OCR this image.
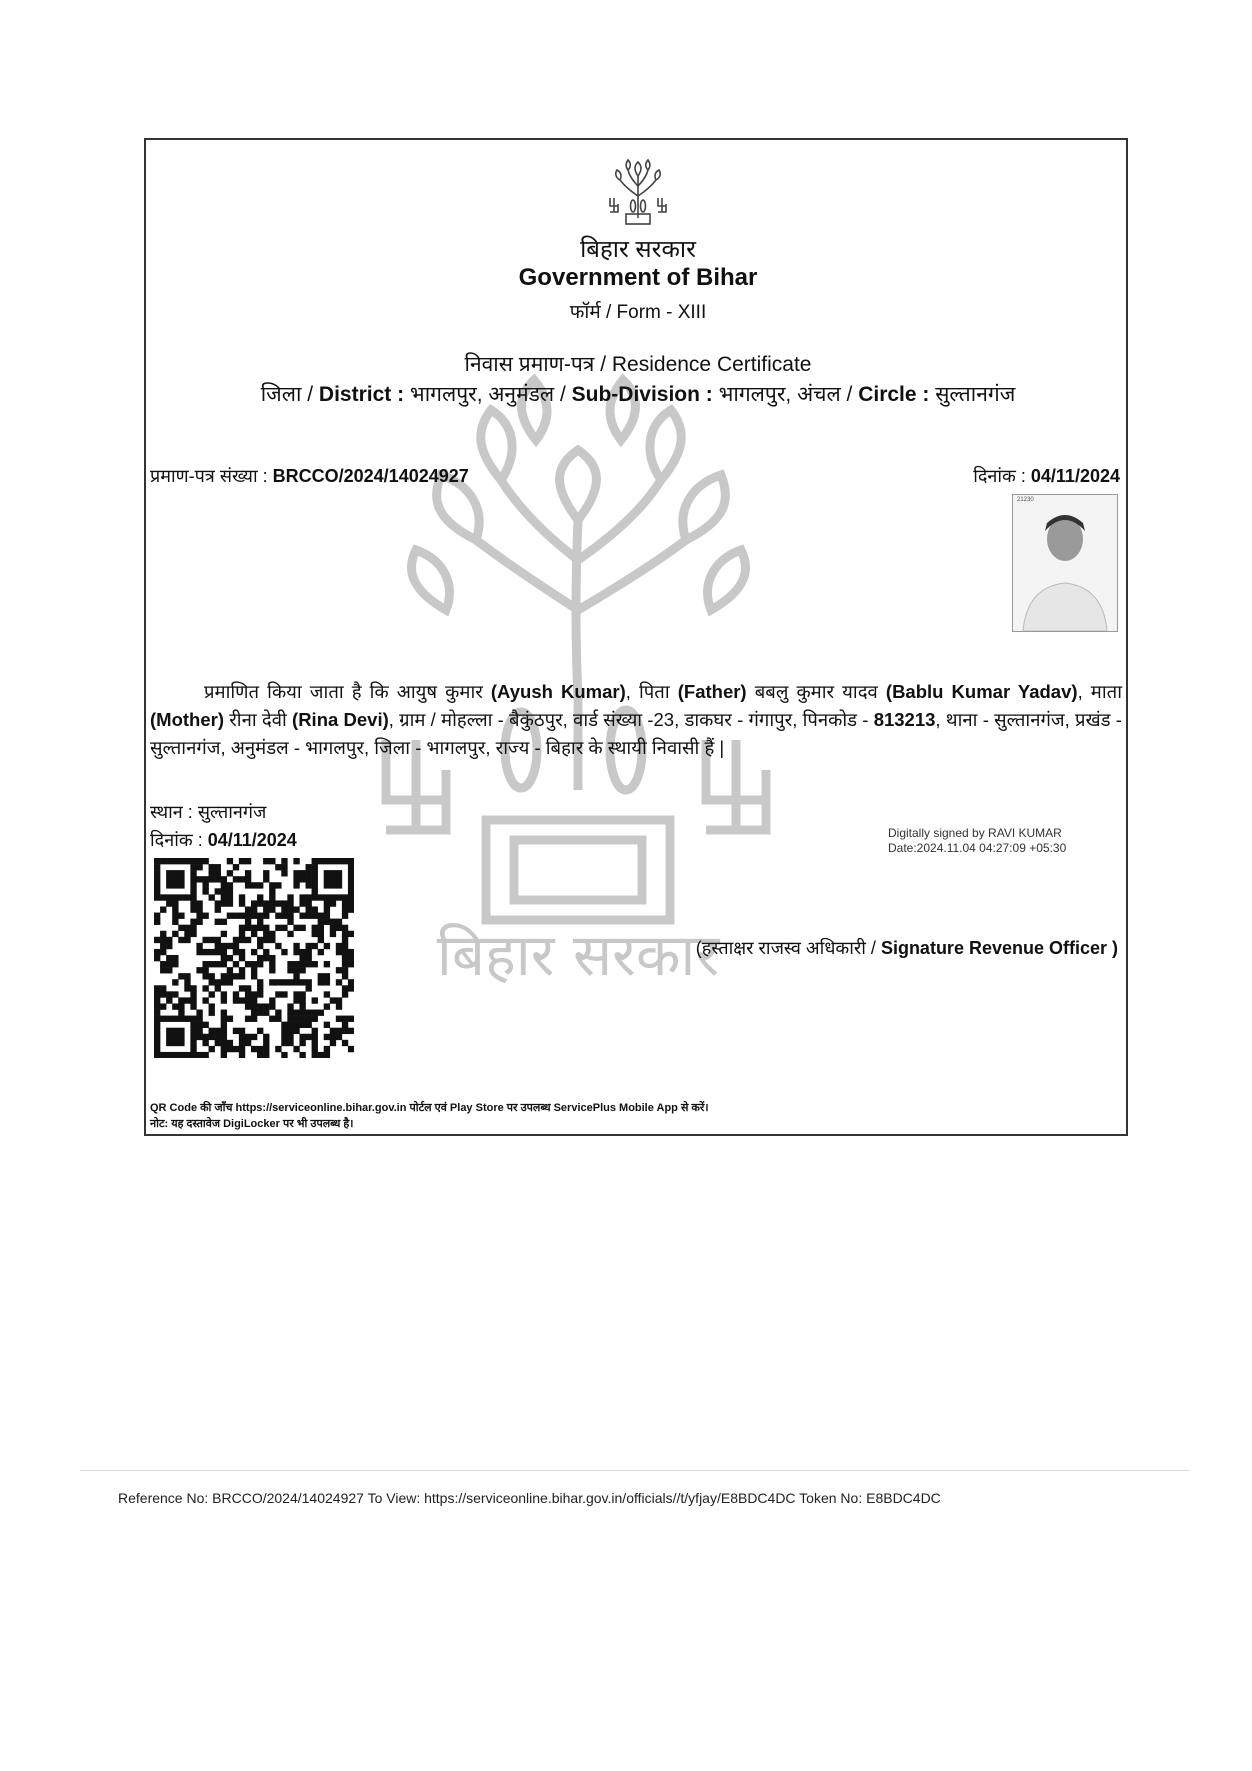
बिहार सरकार
बिहार सरकार
Government of Bihar
फॉर्म / Form - XIII
निवास प्रमाण-पत्र / Residence Certificate
जिला / District : भागलपुर, अनुमंडल / Sub-Division : भागलपुर, अंचल / Circle : सुल्तानगंज
प्रमाण-पत्र संख्या : BRCCO/2024/14024927	दिनांक : 04/11/2024
21230
प्रमाणित किया जाता है कि आयुष कुमार (Ayush Kumar), पिता (Father) बबलु कुमार यादव (Bablu Kumar Yadav), माता (Mother) रीना देवी (Rina Devi), ग्राम / मोहल्ला - बैकुंठपुर, वार्ड संख्या -23, डाकघर - गंगापुर, पिनकोड - 813213, थाना - सुल्तानगंज, प्रखंड - सुल्तानगंज, अनुमंडल - भागलपुर, जिला - भागलपुर, राज्य - बिहार के स्थायी निवासी हैं |
स्थान : सुल्तानगंज
दिनांक : 04/11/2024	Digitally signed by RAVI KUMAR
Date:2024.11.04 04:27:09 +05:30
(हस्ताक्षर राजस्व अधिकारी / Signature Revenue Officer )
QR Code की जाँच https://serviceonline.bihar.gov.in पोर्टल एवं Play Store पर उपलब्ध ServicePlus Mobile App से करें।
नोट: यह दस्तावेज DigiLocker पर भी उपलब्ध है।
Reference No: BRCCO/2024/14024927 To View: https://serviceonline.bihar.gov.in/officials//t/yfjay/E8BDC4DC Token No: E8BDC4DC
